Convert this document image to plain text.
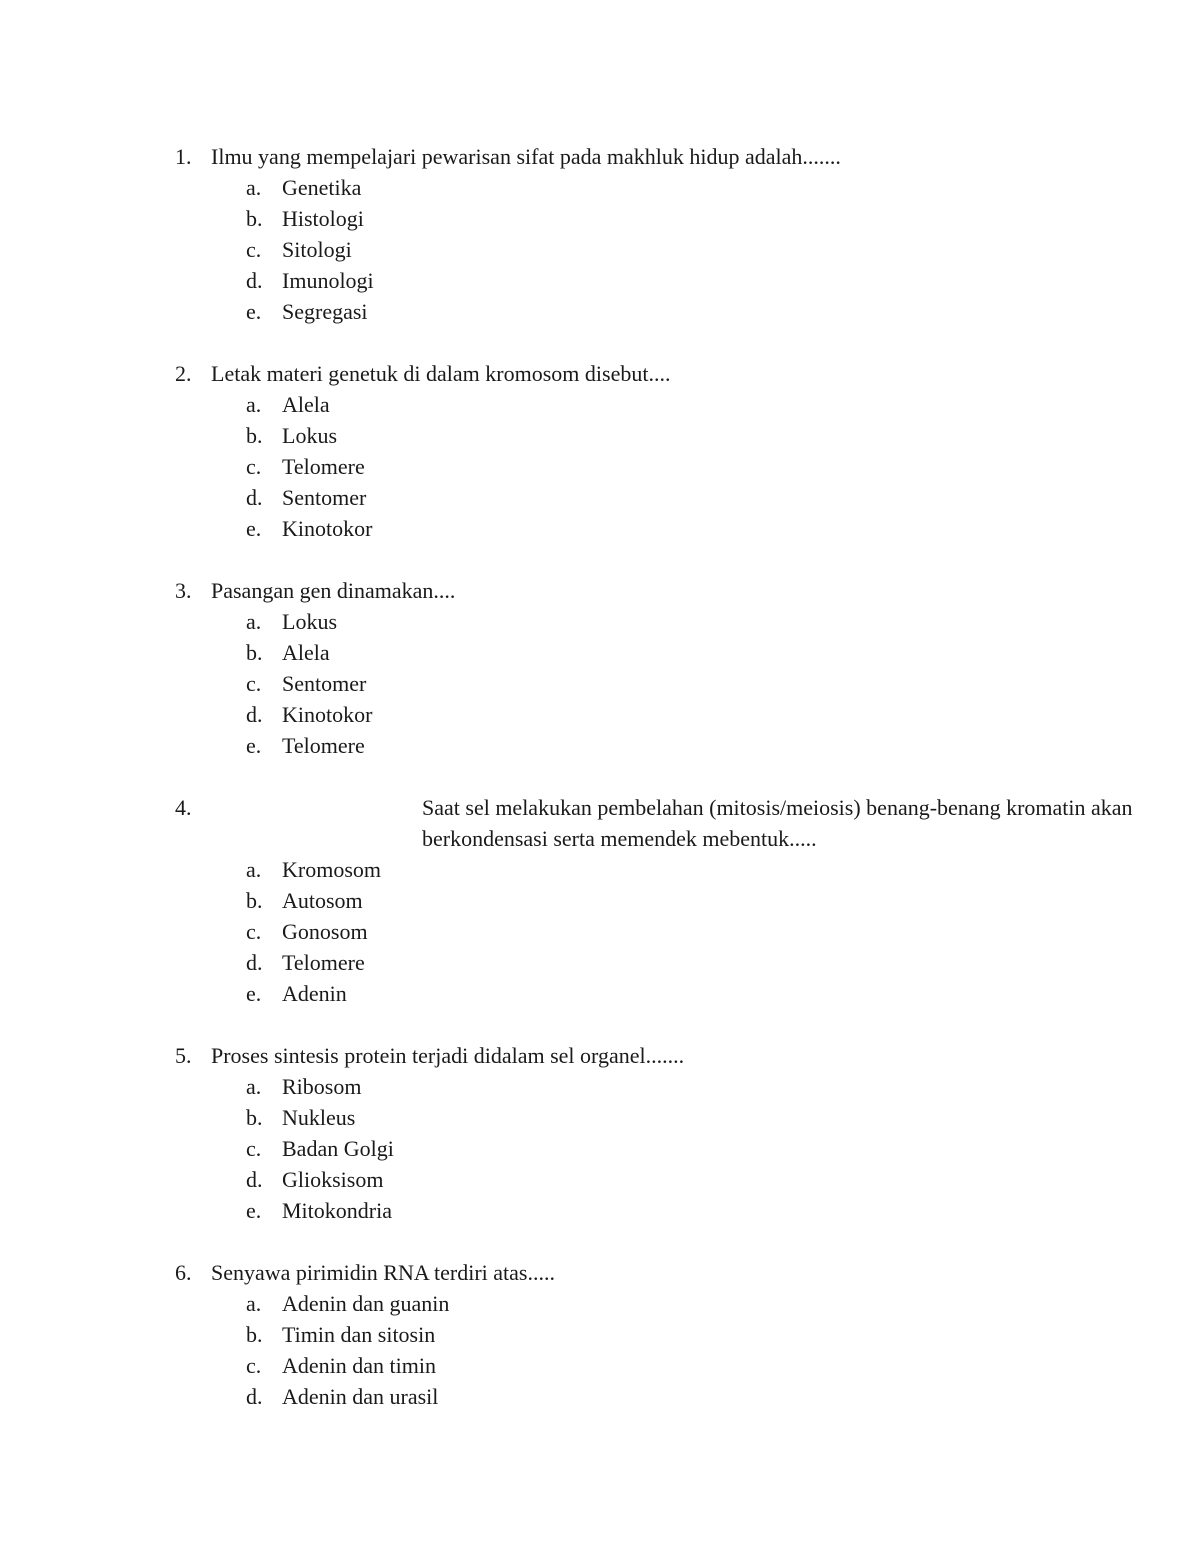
1. Ilmu yang mempelajari pewarisan sifat pada makhluk hidup adalah.......
a. Genetika
b. Histologi
c. Sitologi
d. Imunologi
e. Segregasi
2. Letak materi genetuk di dalam kromosom disebut....
a. Alela
b. Lokus
c. Telomere
d. Sentomer
e. Kinotokor
3. Pasangan gen dinamakan....
a. Lokus
b. Alela
c. Sentomer
d. Kinotokor
e. Telomere
4.	Saat sel melakukan pembelahan (mitosis/meiosis) benang-benang kromatin akan berkondensasi serta memendek mebentuk.....
a. Kromosom
b. Autosom
c. Gonosom
d. Telomere
e. Adenin
5. Proses sintesis protein terjadi didalam sel organel.......
a. Ribosom
b. Nukleus
c. Badan Golgi
d. Glioksisom
e. Mitokondria
6. Senyawa pirimidin RNA terdiri atas.....
a. Adenin dan guanin
b. Timin dan sitosin
c. Adenin dan timin
d. Adenin dan urasil
